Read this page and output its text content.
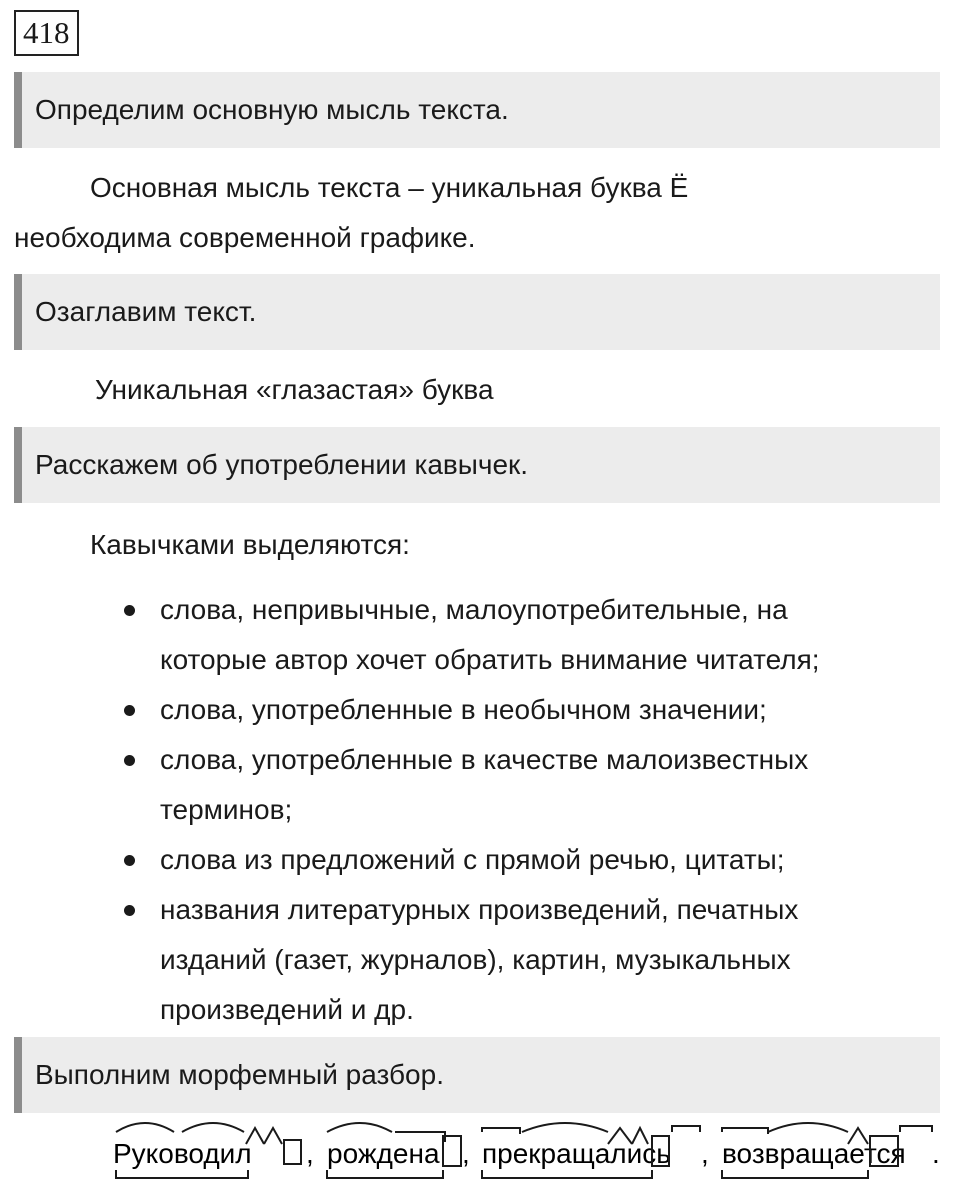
418
Определим основную мысль текста.

Основная мысль текста – уникальная буква Ё

необходима современной графике.

Озаглавим текст.

Уникальная «глазастая» буква

Расскажем об употреблении кавычек.

Кавычками выделяются:

слова, непривычные, малоупотребительные, на
которые автор хочет обратить внимание читателя;
слова, употребленные в необычном значении;
слова, употребленные в качестве малоизвестных
терминов;
слова из предложений с прямой речью, цитаты;
названия литературных произведений, печатных
изданий (газет, журналов), картин, музыкальных
произведений и др.
Выполним морфемный разбор.
Руководил , рождена , прекращались , возвращается .
